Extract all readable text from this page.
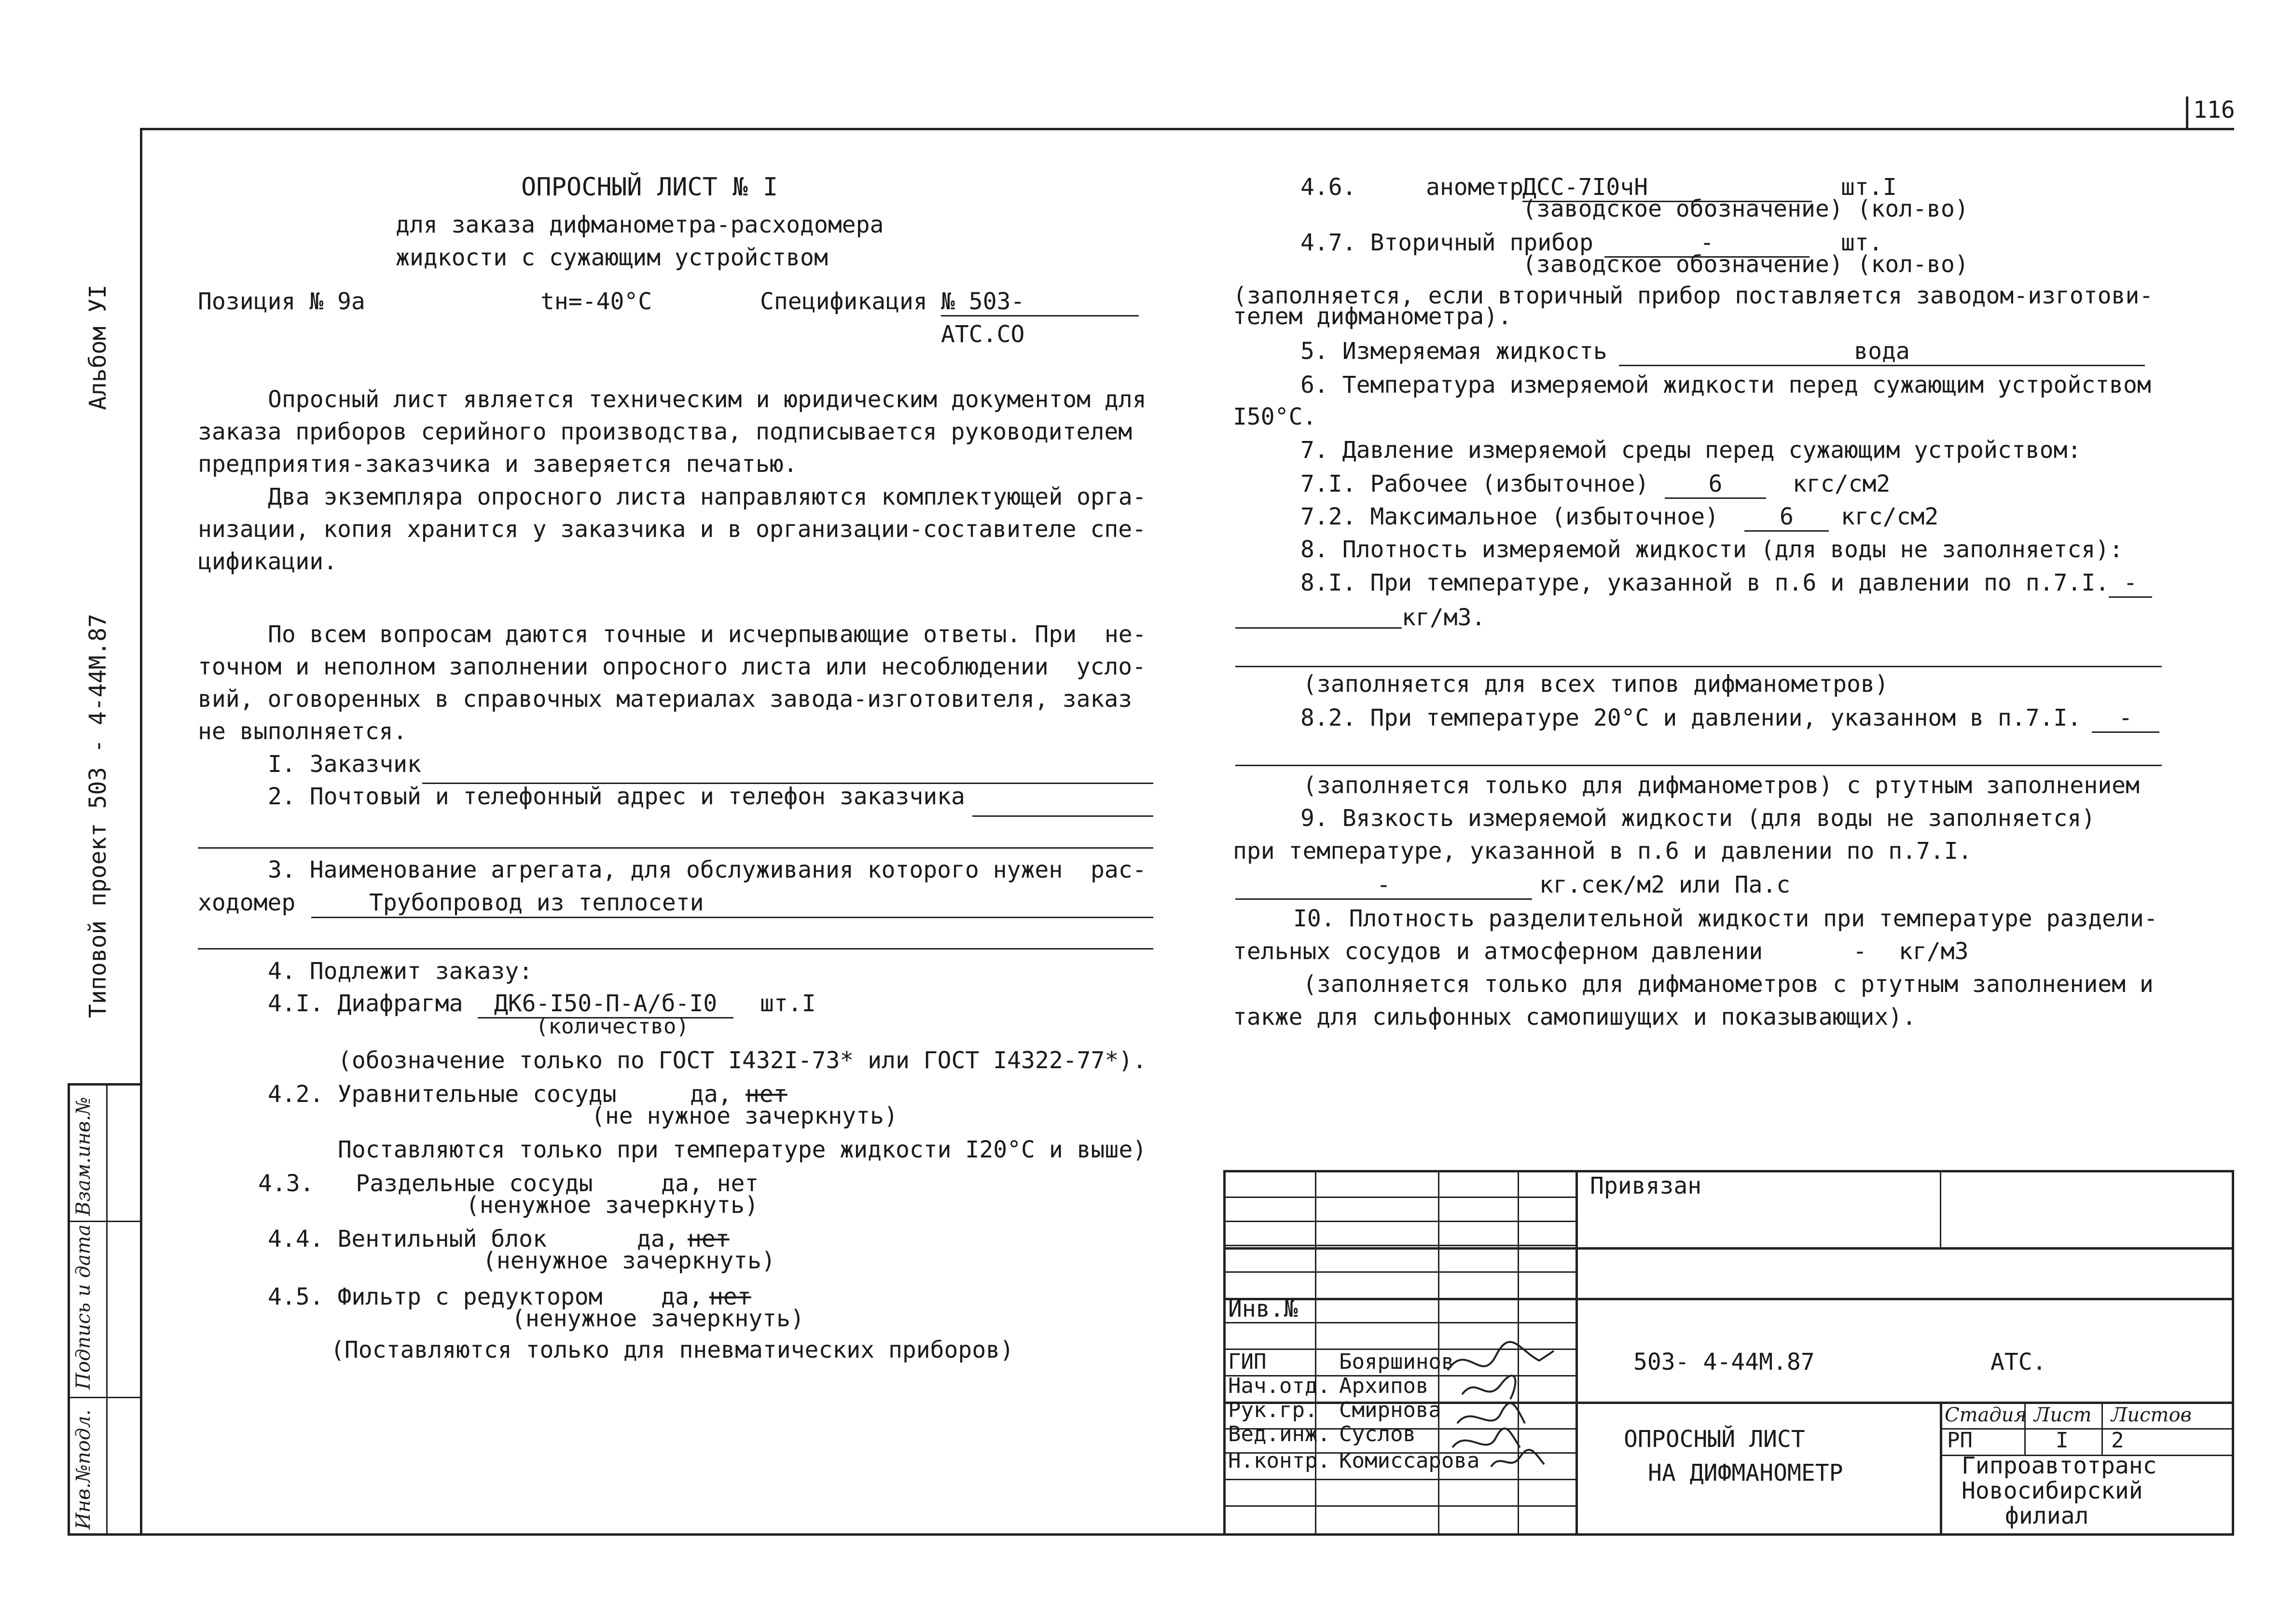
116
Альбом УI
Типовой проект 503 - 4-44М.87
Инв.№подл.
Подпись и дата
Взам.инв.№
ОПРОСНЫЙ ЛИСТ № I
для заказа дифманометра-расходомера
жидкости с сужающим устройством
Позиция № 9а	tн=-40°С	Спецификация № 503-
АТС.СО
Опросный лист является техническим и юридическим документом для
заказа приборов серийного производства, подписывается руководителем
предприятия-заказчика и заверяется печатью.
Два экземпляра опросного листа направляются комплектующей орга-
низации, копия хранится у заказчика и в организации-составителе спе-
цификации.
По всем вопросам даются точные и исчерпывающие ответы. При  не-
точном и неполном заполнении опросного листа или несоблюдении  усло-
вий, оговоренных в справочных материалах завода-изготовителя, заказ
не выполняется.
I. Заказчик
2. Почтовый и телефонный адрес и телефон заказчика
3. Наименование агрегата, для обслуживания которого нужен  рас-
ходомер	Трубопровод из теплосети
4. Подлежит заказу:
4.I. Диафрагма	ДК6-I50-П-А/б-I0	шт.I
(количество)
(обозначение только по ГОСТ I432I-73* или ГОСТ I4322-77*).
4.2. Уравнительные сосуды	да, нет
(не нужное зачеркнуть)
Поставляются только при температуре жидкости I20°С и выше)
4.3.   Раздельные сосуды	да, нет
(ненужное зачеркнуть)
4.4. Вентильный блок	да, нет
(ненужное зачеркнуть)
4.5. Фильтр с редуктором	да, нет
(ненужное зачеркнуть)
(Поставляются только для пневматических приборов)
4.6.	анометр
ДСС-7I0чН	шт.I
(заводское обозначение) (кол-во)
4.7. Вторичный прибор	-	шт.
(заводское обозначение) (кол-во)
(заполняется, если вторичный прибор поставляется заводом-изготови-
телем дифманометра).
5. Измеряемая жидкость	вода
6. Температура измеряемой жидкости перед сужающим устройством
I50°С.
7. Давление измеряемой среды перед сужающим устройством:
7.I. Рабочее (избыточное)	6	кгс/см2
7.2. Максимальное (избыточное)	6	кгс/см2
8. Плотность измеряемой жидкости (для воды не заполняется):
8.I. При температуре, указанной в п.6 и давлении по п.7.I. -
кг/м3.
(заполняется для всех типов дифманометров)
8.2. При температуре 20°С и давлении, указанном в п.7.I.	-
(заполняется только для дифманометров) с ртутным заполнением
9. Вязкость измеряемой жидкости (для воды не заполняется)
при температуре, указанной в п.6 и давлении по п.7.I.
-	кг.сек/м2 или Па.с
I0. Плотность разделительной жидкости при температуре раздели-
тельных сосудов и атмосферном давлении	- кг/м3
(заполняется только для дифманометров с ртутным заполнением и
также для сильфонных самопишущих и показывающих).
Привязан
Инв.№
503- 4-44М.87	АТС.
ГИП	Бояршинов
Нач.отд. Архипов
Рук.гр. Смирнова
Вед.инж. Суслов
Н.контр. Комиссарова
ОПРОСНЫЙ ЛИСТ
НА ДИФМАНОМЕТР
Стадия Лист Листов
РП	I 2
Гипроавтотранс
Новосибирский
филиал
